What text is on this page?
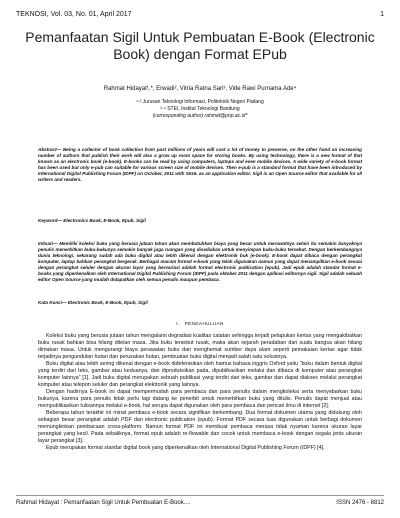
TEKNOSI, Vol. 03, No. 01, April 2017	1
Pemanfaatan Sigil Untuk Pembuatan E-Book (Electronic Book) dengan Format EPub
Rahmat Hidayat¹,*, Erwadi², Vitria Ratna Sari³, Vide Rawi Purnama Ade⁴
¹·² Jurusan Teknologi Informasi, Politeknik Negeri Padang
³·⁴ STEI, Institut Teknologi Bandung
(corresponding author) rahmat@pnp.ac.id*
Abstract— Being a collector of book collection from past millions of years will cost a lot of money to preserve, on the other hand an increasing number of authors that publish their work will also a grow up room space for storing books. By using technology, there is a new format of that known as an electronic book (e-book). E-books can be read by using computers, laptops and even mobile devices. A wide variety of e-book format has been used but only e-pub can suitable for various screen size of mobile devices. Then e-pub is a standard format that have been introduced by International Digital Publishing Forum (IDPF) on October, 2011 with SIGIL as an application editor. Sigil is an Open Source editor that available for all writers and readers.
Keyword— Electronics Book, E-Book, Epub, Sigil
Intisari— Memiliki koleksi buku yang berusia jutaan tahun akan membutuhkan biaya yang besar untuk merawatnya selain itu semakin banyaknya penulis menerbitkan buku-bukunya semakin banyak juga ruangan yang disediakan untuk menyimpan buku-buku tersebut. Dengan berkembangnya dunia teknologi, sekarang sudah ada buku digital atau lebih dikenal dengan elektronik buk (e-book). E-book dapat dibaca dengan perangkat komputer, laptop bahkan perangkat bergerak. Berbagai macam format e-book yang telah digunakan namun yang dapat menampilkan e-book sesuai dengan perangkat seluler dengan ukuran layar yang bervariasi adalah format electronic publication (epub). Jadi epub adalah standar format e-books yang diperkenalkan oleh International Digital Publishing Forum (IDPF) pada oktober 2011 dengan aplikasi editornya sigil. Sigil adalah sebuah editor Open Source yang mudah didapatkan oleh semua penulis maupun pembaca.
Kata Kunci— Electronic Book, E-Book, Epub, Sigil
I. PENDAHULUAN

Koleksi buku yang berusia jutaan tahun mengalami degradasi kualitas catatan sehingga terjadi pelapukan kertas yang mengakibatkan buku rusak bahkan bisa hilang ditelan masa. Jika buku tersebut rusak, maka akan sejarah peradaban dari suatu bangsa akan hilang dimakan masa. Untuk mengurangi biaya perawatan buku dan menghemat sumber daya alam seperti pemakaian kertas agar tidak terjadinya pengundulan hutan dan perusakan hutan, pembuatan buku digital menjadi salah satu solusinya.

Buku digital atau lebih sering dikenal dengan e-book didefenisikan oleh hamus bahasa inggris Oxford yaitu “buku dalam bentuk digital yang terdiri dari teks, gambar atau keduanya, dan diproduksikan pada, dipublikasikan melalui dan dibaca di komputer atau perangkat komputer lainnya” [1]. Jadi buku digital merupakan sebuah publikasi yang terdiri dari teks, gambar dan dapat diakses melalui perangkat komputer atau telepon seluler dan perangkat elektronik yang lainnya.

Dengan hadirnya E-book ini dapat mempermudah para pembaca dan para penulis dalam mengkoleksi serta menyebarkan buku bukunya, karena para penulis tidak perlu lagi datang ke penerbit untuk menerbitkan buku yang ditulis. Penulis dapat menjual atau mempublikasikan tulisannya melalui e-book, hal serupa dapat digunakan oleh para pembaca dan pencari ilmu di internet [2].

Beberapa tahun terakhir ini minat pembaca e-book secara signifikan berkembang. Dua format dokumen utama yang didukung oleh sebagian besar perangkat adalah PDF dan electronic publication (epub). Format PDF secara luas digunakan untuk berbagi dokumen memungkinkan pembacaan cross-platform. Namun format PDF ini membuat pembaca merasa tidak nyaman karena ukuran layar perangkat yang kecil. Pada sebaliknya, format epub adalah re-flowable dan cocok untuk membaca e-book dengan segala jenis ukuran layar perangkat [3].

Epub merupakan format standar digital book yang diperkenalkan oleh International Digital Publishing Forum (IDPF) [4].

Rahmat Hidayat : Pemanfaatan Sigil Untuk Pembuatan E-Book....	ISSN 2476 - 8812
